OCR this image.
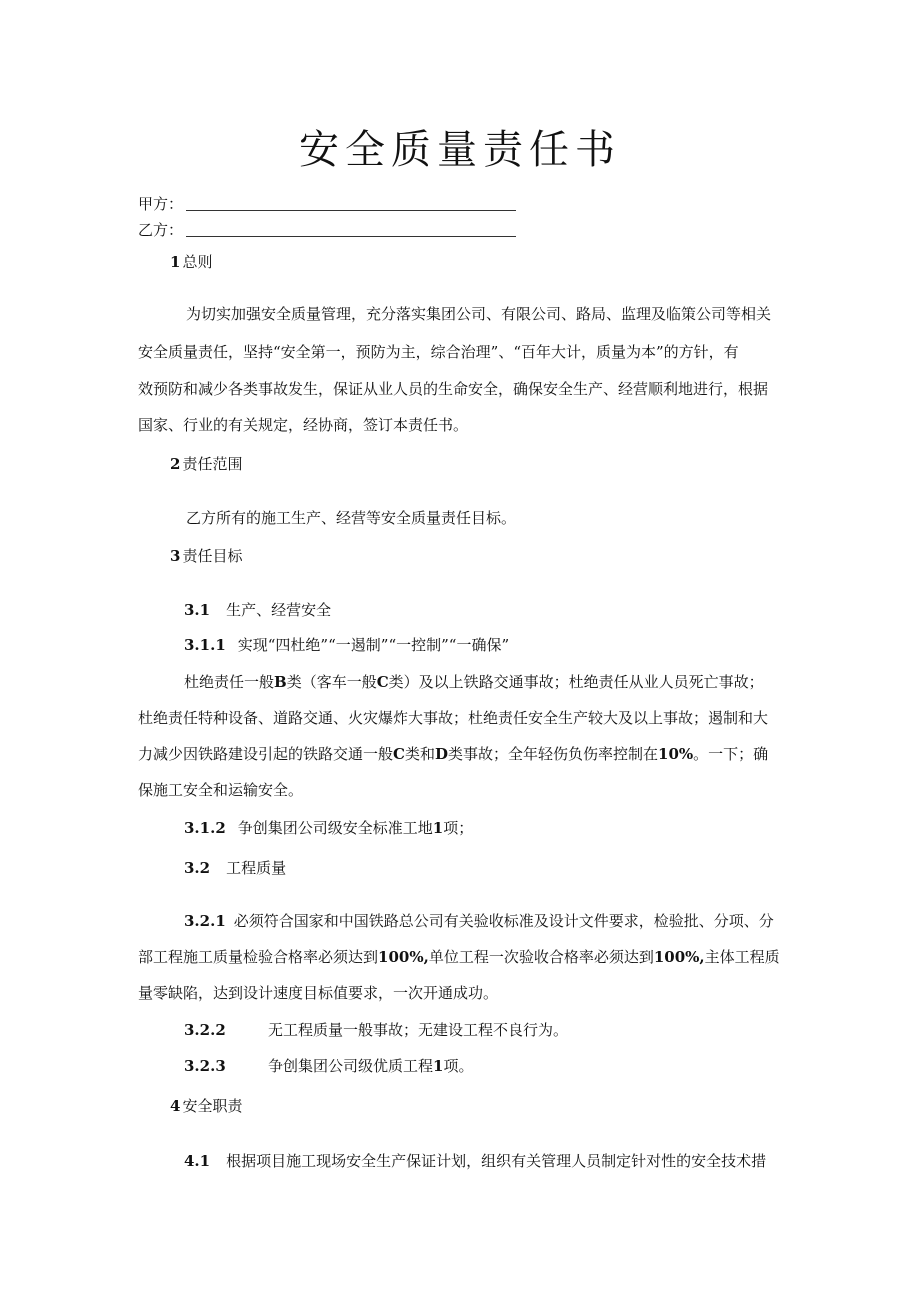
安全质量责任书
甲方：
乙方：
1 总则
为切实加强安全质量管理，充分落实集团公司、有限公司、路局、监理及临策公司等相关
安全质量责任，坚持“安全第一，预防为主，综合治理”、“百年大计，质量为本”的方针，有
效预防和减少各类事故发生，保证从业人员的生命安全，确保安全生产、经营顺利地进行，根据
国家、行业的有关规定，经协商，签订本责任书。
2 责任范围
乙方所有的施工生产、经营等安全质量责任目标。
3 责任目标
3.1 生产、经营安全
3.1.1 实现“四杜绝”“一遏制”“一控制”“一确保”
杜绝责任一般B类（客车一般C类）及以上铁路交通事故；杜绝责任从业人员死亡事故；
杜绝责任特种设备、道路交通、火灾爆炸大事故；杜绝责任安全生产较大及以上事故；遏制和大
力减少因铁路建设引起的铁路交通一般C类和D类事故；全年轻伤负伤率控制在10%。一下；确
保施工安全和运输安全。
3.1.2 争创集团公司级安全标准工地1项；
3.2 工程质量
3.2.1 必须符合国家和中国铁路总公司有关验收标准及设计文件要求，检验批、分项、分
部工程施工质量检验合格率必须达到100%,单位工程一次验收合格率必须达到100%,主体工程质
量零缺陷，达到设计速度目标值要求，一次开通成功。
3.2.2	无工程质量一般事故；无建设工程不良行为。
3.2.3	争创集团公司级优质工程1项。
4 安全职责
4.1 根据项目施工现场安全生产保证计划，组织有关管理人员制定针对性的安全技术措
